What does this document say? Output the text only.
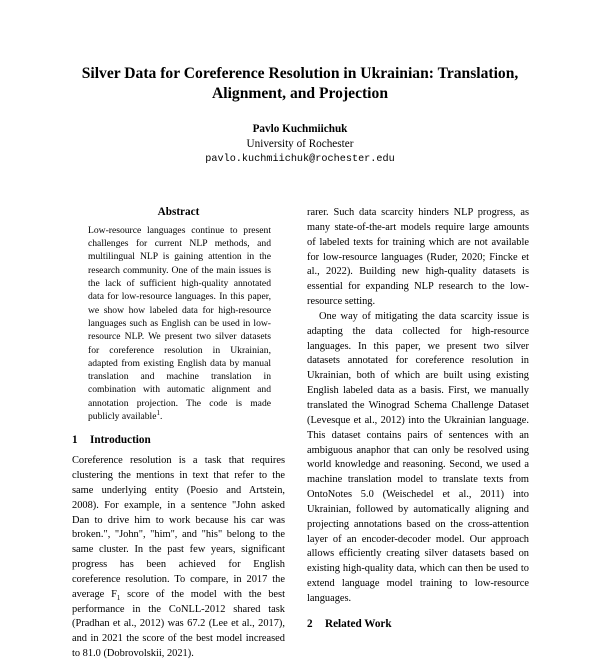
Silver Data for Coreference Resolution in Ukrainian: Translation, Alignment, and Projection
Pavlo Kuchmiichuk
University of Rochester
pavlo.kuchmiichuk@rochester.edu
Abstract

Low-resource languages continue to present challenges for current NLP methods, and multilingual NLP is gaining attention in the research community. One of the main issues is the lack of sufficient high-quality annotated data for low-resource languages. In this paper, we show how labeled data for high-resource languages such as English can be used in low-resource NLP. We present two silver datasets for coreference resolution in Ukrainian, adapted from existing English data by manual translation and machine translation in combination with automatic alignment and annotation projection. The code is made publicly available$^1$.

1 Introduction

Coreference resolution is a task that requires clustering the mentions in text that refer to the same underlying entity (Poesio and Artstein, 2008). For example, in a sentence "John asked Dan to drive him to work because his car was broken.", "John", "him", and "his" belong to the same cluster. In the past few years, significant progress has been achieved for English coreference resolution. To compare, in 2017 the average $F_1$ score of the model with the best performance in the CoNLL-2012 shared task (Pradhan et al., 2012) was 67.2 (Lee et al., 2017), and in 2021 the score of the best model increased to 81.0 (Dobrovolskii, 2021).

rarer. Such data scarcity hinders NLP progress, as many state-of-the-art models require large amounts of labeled texts for training which are not available for low-resource languages (Ruder, 2020; Fincke et al., 2022). Building new high-quality datasets is essential for expanding NLP research to the low-resource setting.

One way of mitigating the data scarcity issue is adapting the data collected for high-resource languages. In this paper, we present two silver datasets annotated for coreference resolution in Ukrainian, both of which are built using existing English labeled data as a basis. First, we manually translated the Winograd Schema Challenge Dataset (Levesque et al., 2012) into the Ukrainian language. This dataset contains pairs of sentences with an ambiguous anaphor that can only be resolved using world knowledge and reasoning. Second, we used a machine translation model to translate texts from OntoNotes 5.0 (Weischedel et al., 2011) into Ukrainian, followed by automatically aligning and projecting annotations based on the cross-attention layer of an encoder-decoder model. Our approach allows efficiently creating silver datasets based on existing high-quality data, which can then be used to extend language model training to low-resource languages.

2 Related Work
